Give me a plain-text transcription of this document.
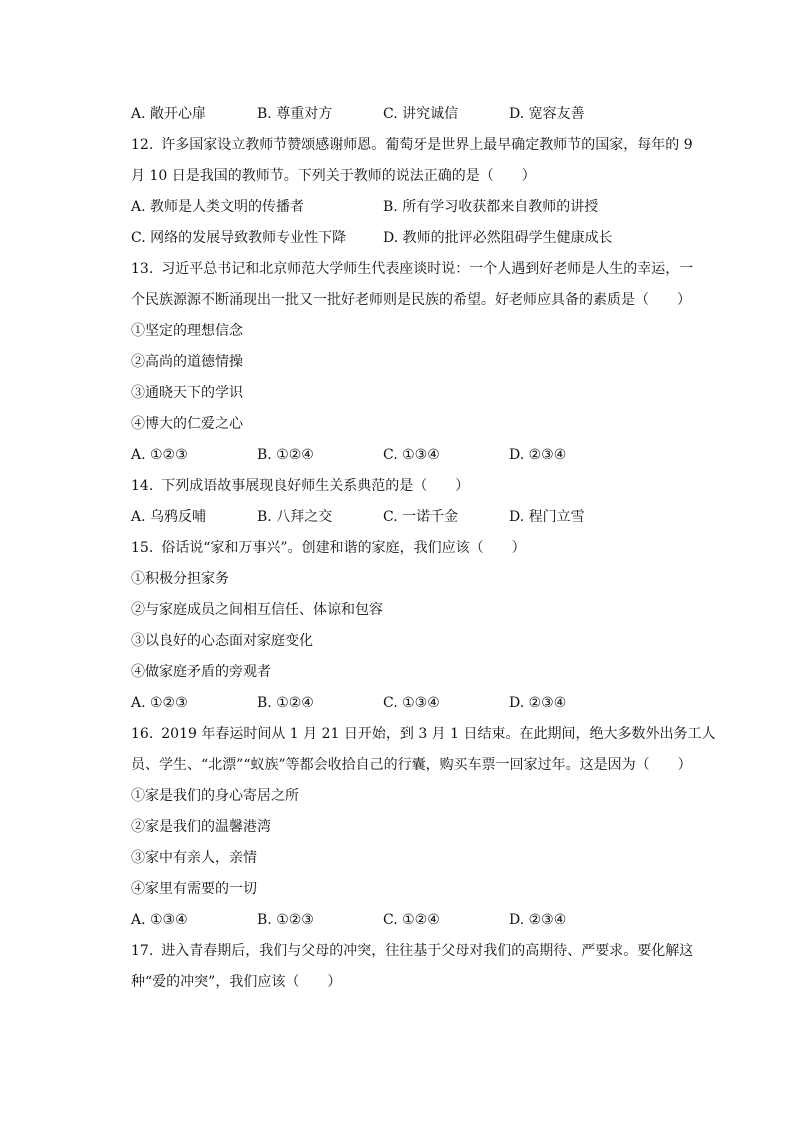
A. 敞开心扉	B. 尊重对方	C. 讲究诚信	D. 宽容友善
12. 许多国家设立教师节赞颂感谢师恩。葡萄牙是世界上最早确定教师节的国家，每年的 9
月 10 日是我国的教师节。下列关于教师的说法正确的是（　　）
A. 教师是人类文明的传播者	B. 所有学习收获都来自教师的讲授
C. 网络的发展导致教师专业性下降	D. 教师的批评必然阻碍学生健康成长
13. 习近平总书记和北京师范大学师生代表座谈时说：一个人遇到好老师是人生的幸运，一
个民族源源不断涌现出一批又一批好老师则是民族的希望。好老师应具备的素质是（　　）
①坚定的理想信念
②高尚的道德情操
③通晓天下的学识
④博大的仁爱之心
A. ①②③	B. ①②④	C. ①③④	D. ②③④
14. 下列成语故事展现良好师生关系典范的是（　　）
A. 乌鸦反哺	B. 八拜之交	C. 一诺千金	D. 程门立雪
15. 俗话说“家和万事兴”。创建和谐的家庭，我们应该（　　）
①积极分担家务
②与家庭成员之间相互信任、体谅和包容
③以良好的心态面对家庭变化
④做家庭矛盾的旁观者
A. ①②③	B. ①②④	C. ①③④	D. ②③④
16. 2019 年春运时间从 1 月 21 日开始，到 3 月 1 日结束。在此期间，绝大多数外出务工人
员、学生、“北漂”“蚁族”等都会收拾自己的行囊，购买车票一回家过年。这是因为（　　）
①家是我们的身心寄居之所
②家是我们的温馨港湾
③家中有亲人，亲情
④家里有需要的一切
A. ①③④	B. ①②③	C. ①②④	D. ②③④
17. 进入青春期后，我们与父母的冲突，往往基于父母对我们的高期待、严要求。要化解这
种“爱的冲突”，我们应该（　　）
